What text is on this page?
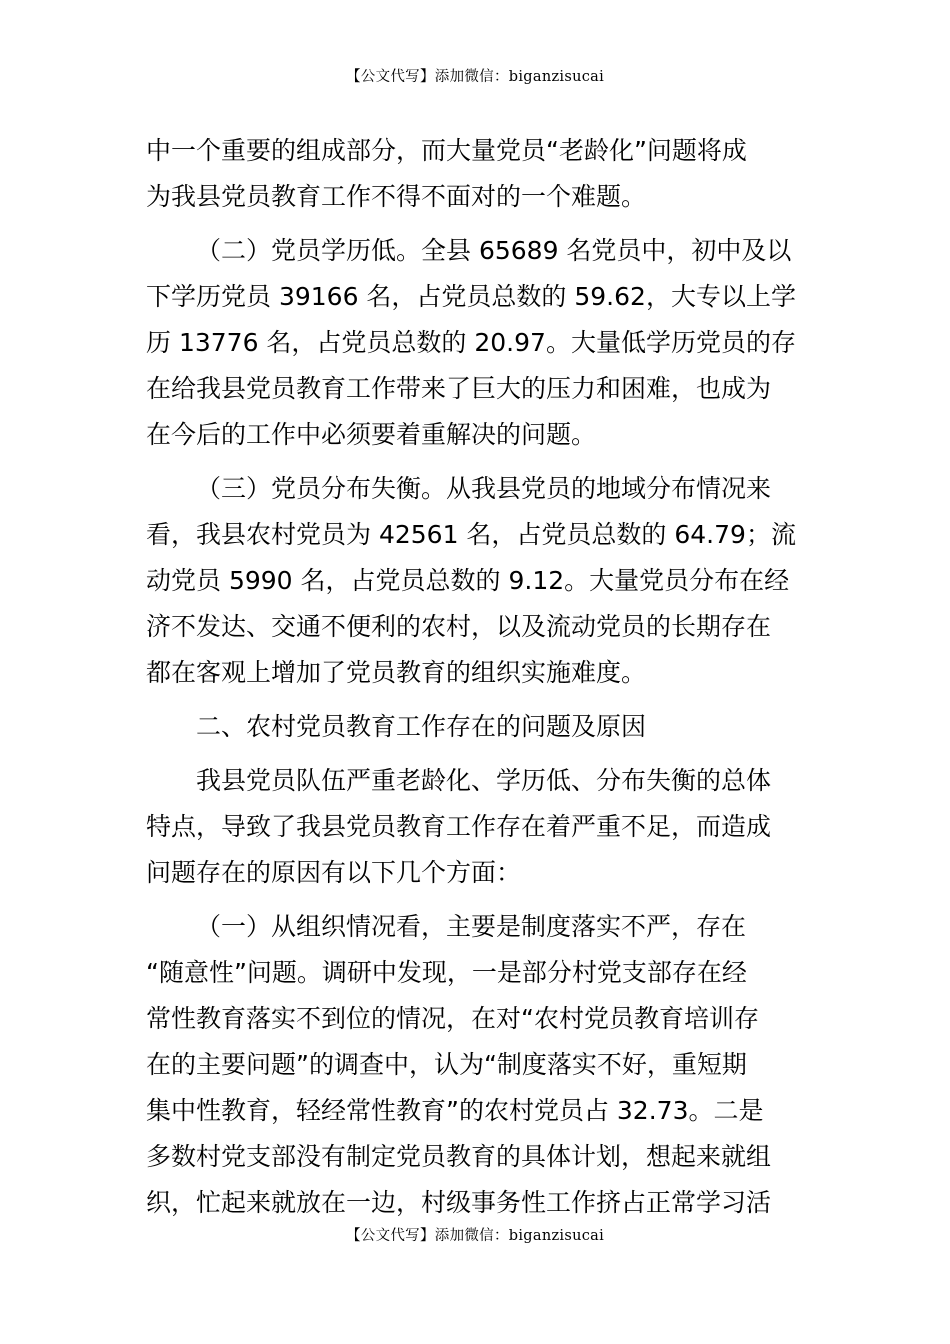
【公文代写】添加微信：biganzisucai

中一个重要的组成部分，而大量党员“老龄化”问题将成
为我县党员教育工作不得不面对的一个难题。

（二）党员学历低。全县 65689 名党员中，初中及以
下学历党员 39166 名，占党员总数的 59.62，大专以上学
历 13776 名，占党员总数的 20.97。大量低学历党员的存
在给我县党员教育工作带来了巨大的压力和困难，也成为
在今后的工作中必须要着重解决的问题。

（三）党员分布失衡。从我县党员的地域分布情况来
看，我县农村党员为 42561 名，占党员总数的 64.79；流
动党员 5990 名，占党员总数的 9.12。大量党员分布在经
济不发达、交通不便利的农村，以及流动党员的长期存在
都在客观上增加了党员教育的组织实施难度。

二、农村党员教育工作存在的问题及原因

我县党员队伍严重老龄化、学历低、分布失衡的总体
特点，导致了我县党员教育工作存在着严重不足，而造成
问题存在的原因有以下几个方面：

（一）从组织情况看，主要是制度落实不严，存在
“随意性”问题。调研中发现，一是部分村党支部存在经
常性教育落实不到位的情况，在对“农村党员教育培训存
在的主要问题”的调查中，认为“制度落实不好，重短期
集中性教育，轻经常性教育”的农村党员占 32.73。二是
多数村党支部没有制定党员教育的具体计划，想起来就组
织，忙起来就放在一边，村级事务性工作挤占正常学习活

【公文代写】添加微信：biganzisucai
